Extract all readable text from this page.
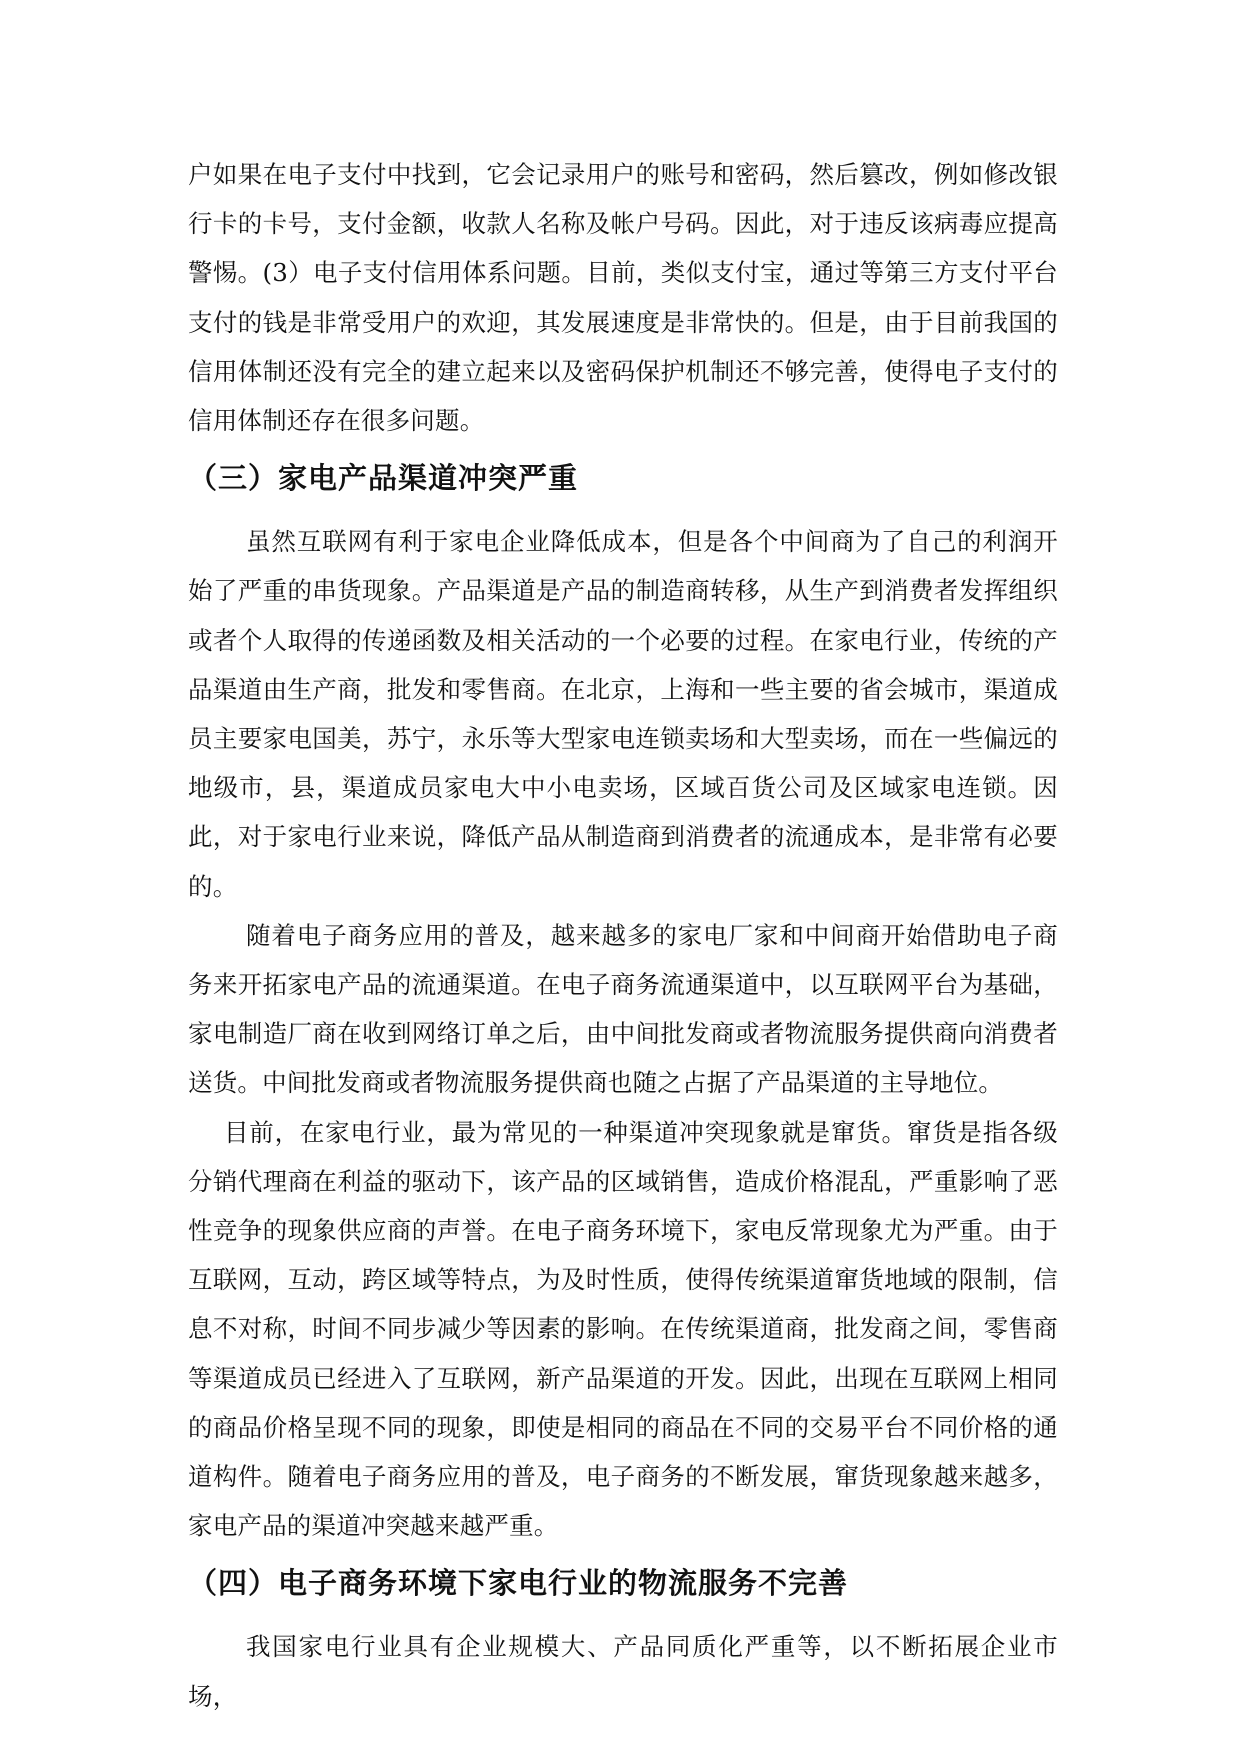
户如果在电子支付中找到，它会记录用户的账号和密码，然后篡改，例如修改银行卡的卡号，支付金额，收款人名称及帐户号码。因此，对于违反该病毒应提高警惕。(3）电子支付信用体系问题。目前，类似支付宝，通过等第三方支付平台支付的钱是非常受用户的欢迎，其发展速度是非常快的。但是，由于目前我国的信用体制还没有完全的建立起来以及密码保护机制还不够完善，使得电子支付的信用体制还存在很多问题。

（三）家电产品渠道冲突严重

虽然互联网有利于家电企业降低成本，但是各个中间商为了自己的利润开始了严重的串货现象。产品渠道是产品的制造商转移，从生产到消费者发挥组织或者个人取得的传递函数及相关活动的一个必要的过程。在家电行业，传统的产品渠道由生产商，批发和零售商。在北京，上海和一些主要的省会城市，渠道成员主要家电国美，苏宁，永乐等大型家电连锁卖场和大型卖场，而在一些偏远的地级市，县，渠道成员家电大中小电卖场，区域百货公司及区域家电连锁。因此，对于家电行业来说，降低产品从制造商到消费者的流通成本，是非常有必要的。

随着电子商务应用的普及，越来越多的家电厂家和中间商开始借助电子商务来开拓家电产品的流通渠道。在电子商务流通渠道中，以互联网平台为基础，家电制造厂商在收到网络订单之后，由中间批发商或者物流服务提供商向消费者送货。中间批发商或者物流服务提供商也随之占据了产品渠道的主导地位。

目前，在家电行业，最为常见的一种渠道冲突现象就是窜货。窜货是指各级分销代理商在利益的驱动下，该产品的区域销售，造成价格混乱，严重影响了恶性竞争的现象供应商的声誉。在电子商务环境下，家电反常现象尤为严重。由于互联网，互动，跨区域等特点，为及时性质，使得传统渠道窜货地域的限制，信息不对称，时间不同步减少等因素的影响。在传统渠道商，批发商之间，零售商等渠道成员已经进入了互联网，新产品渠道的开发。因此，出现在互联网上相同的商品价格呈现不同的现象，即使是相同的商品在不同的交易平台不同价格的通道构件。随着电子商务应用的普及，电子商务的不断发展，窜货现象越来越多，家电产品的渠道冲突越来越严重。

（四）电子商务环境下家电行业的物流服务不完善

我国家电行业具有企业规模大、产品同质化严重等，以不断拓展企业市场，
